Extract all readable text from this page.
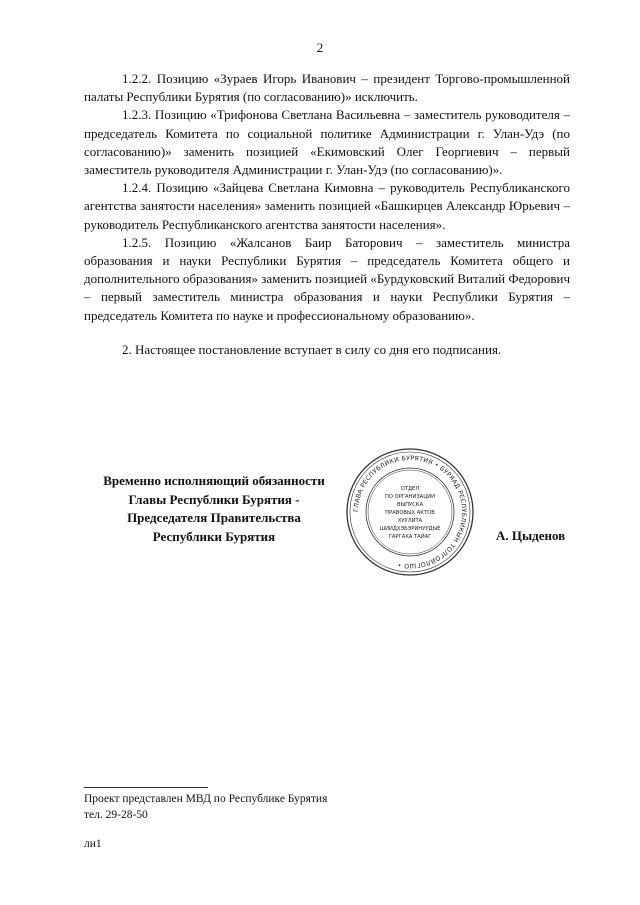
2

1.2.2. Позицию «Зураев Игорь Иванович – президент Торгово-промышленной палаты Республики Бурятия (по согласованию)» исключить.

1.2.3. Позицию «Трифонова Светлана Васильевна – заместитель руководителя – председатель Комитета по социальной политике Администрации г. Улан-Удэ (по согласованию)» заменить позицией «Екимовский Олег Георгиевич – первый заместитель руководителя Администрации г. Улан-Удэ (по согласованию)».

1.2.4. Позицию «Зайцева Светлана Кимовна – руководитель Республиканского агентства занятости населения» заменить позицией «Башкирцев Александр Юрьевич – руководитель Республиканского агентства занятости населения».

1.2.5. Позицию «Жалсанов Баир Баторович – заместитель министра образования и науки Республики Бурятия – председатель Комитета общего и дополнительного образования» заменить позицией «Бурдуковский Виталий Федорович – первый заместитель министра образования и науки Республики Бурятия – председатель Комитета по науке и профессиональному образованию».

2. Настоящее постановление вступает в силу со дня его подписания.

Временно исполняющий обязанности
Главы Республики Бурятия -
Председателя Правительства
Республики Бурятия
ГЛАВА РЕСПУБЛИКИ БУРЯТИЯ • БУРЯАД РЕСПУБЛИКЫН ТОЛГОЙЛОГШО •
ОТДЕЛ
ПО ОРГАНИЗАЦИИ
ВЫПУСКА
ПРАВОВЫХ АКТОВ
ХУУЛИТА
ШИИДХЭБЭРИНУУДЫЕ
ГАРГАХА ТАЙАГ	А. Цыденов
Проект представлен МВД по Республике Бурятия
тел. 29-28-50
ли1
